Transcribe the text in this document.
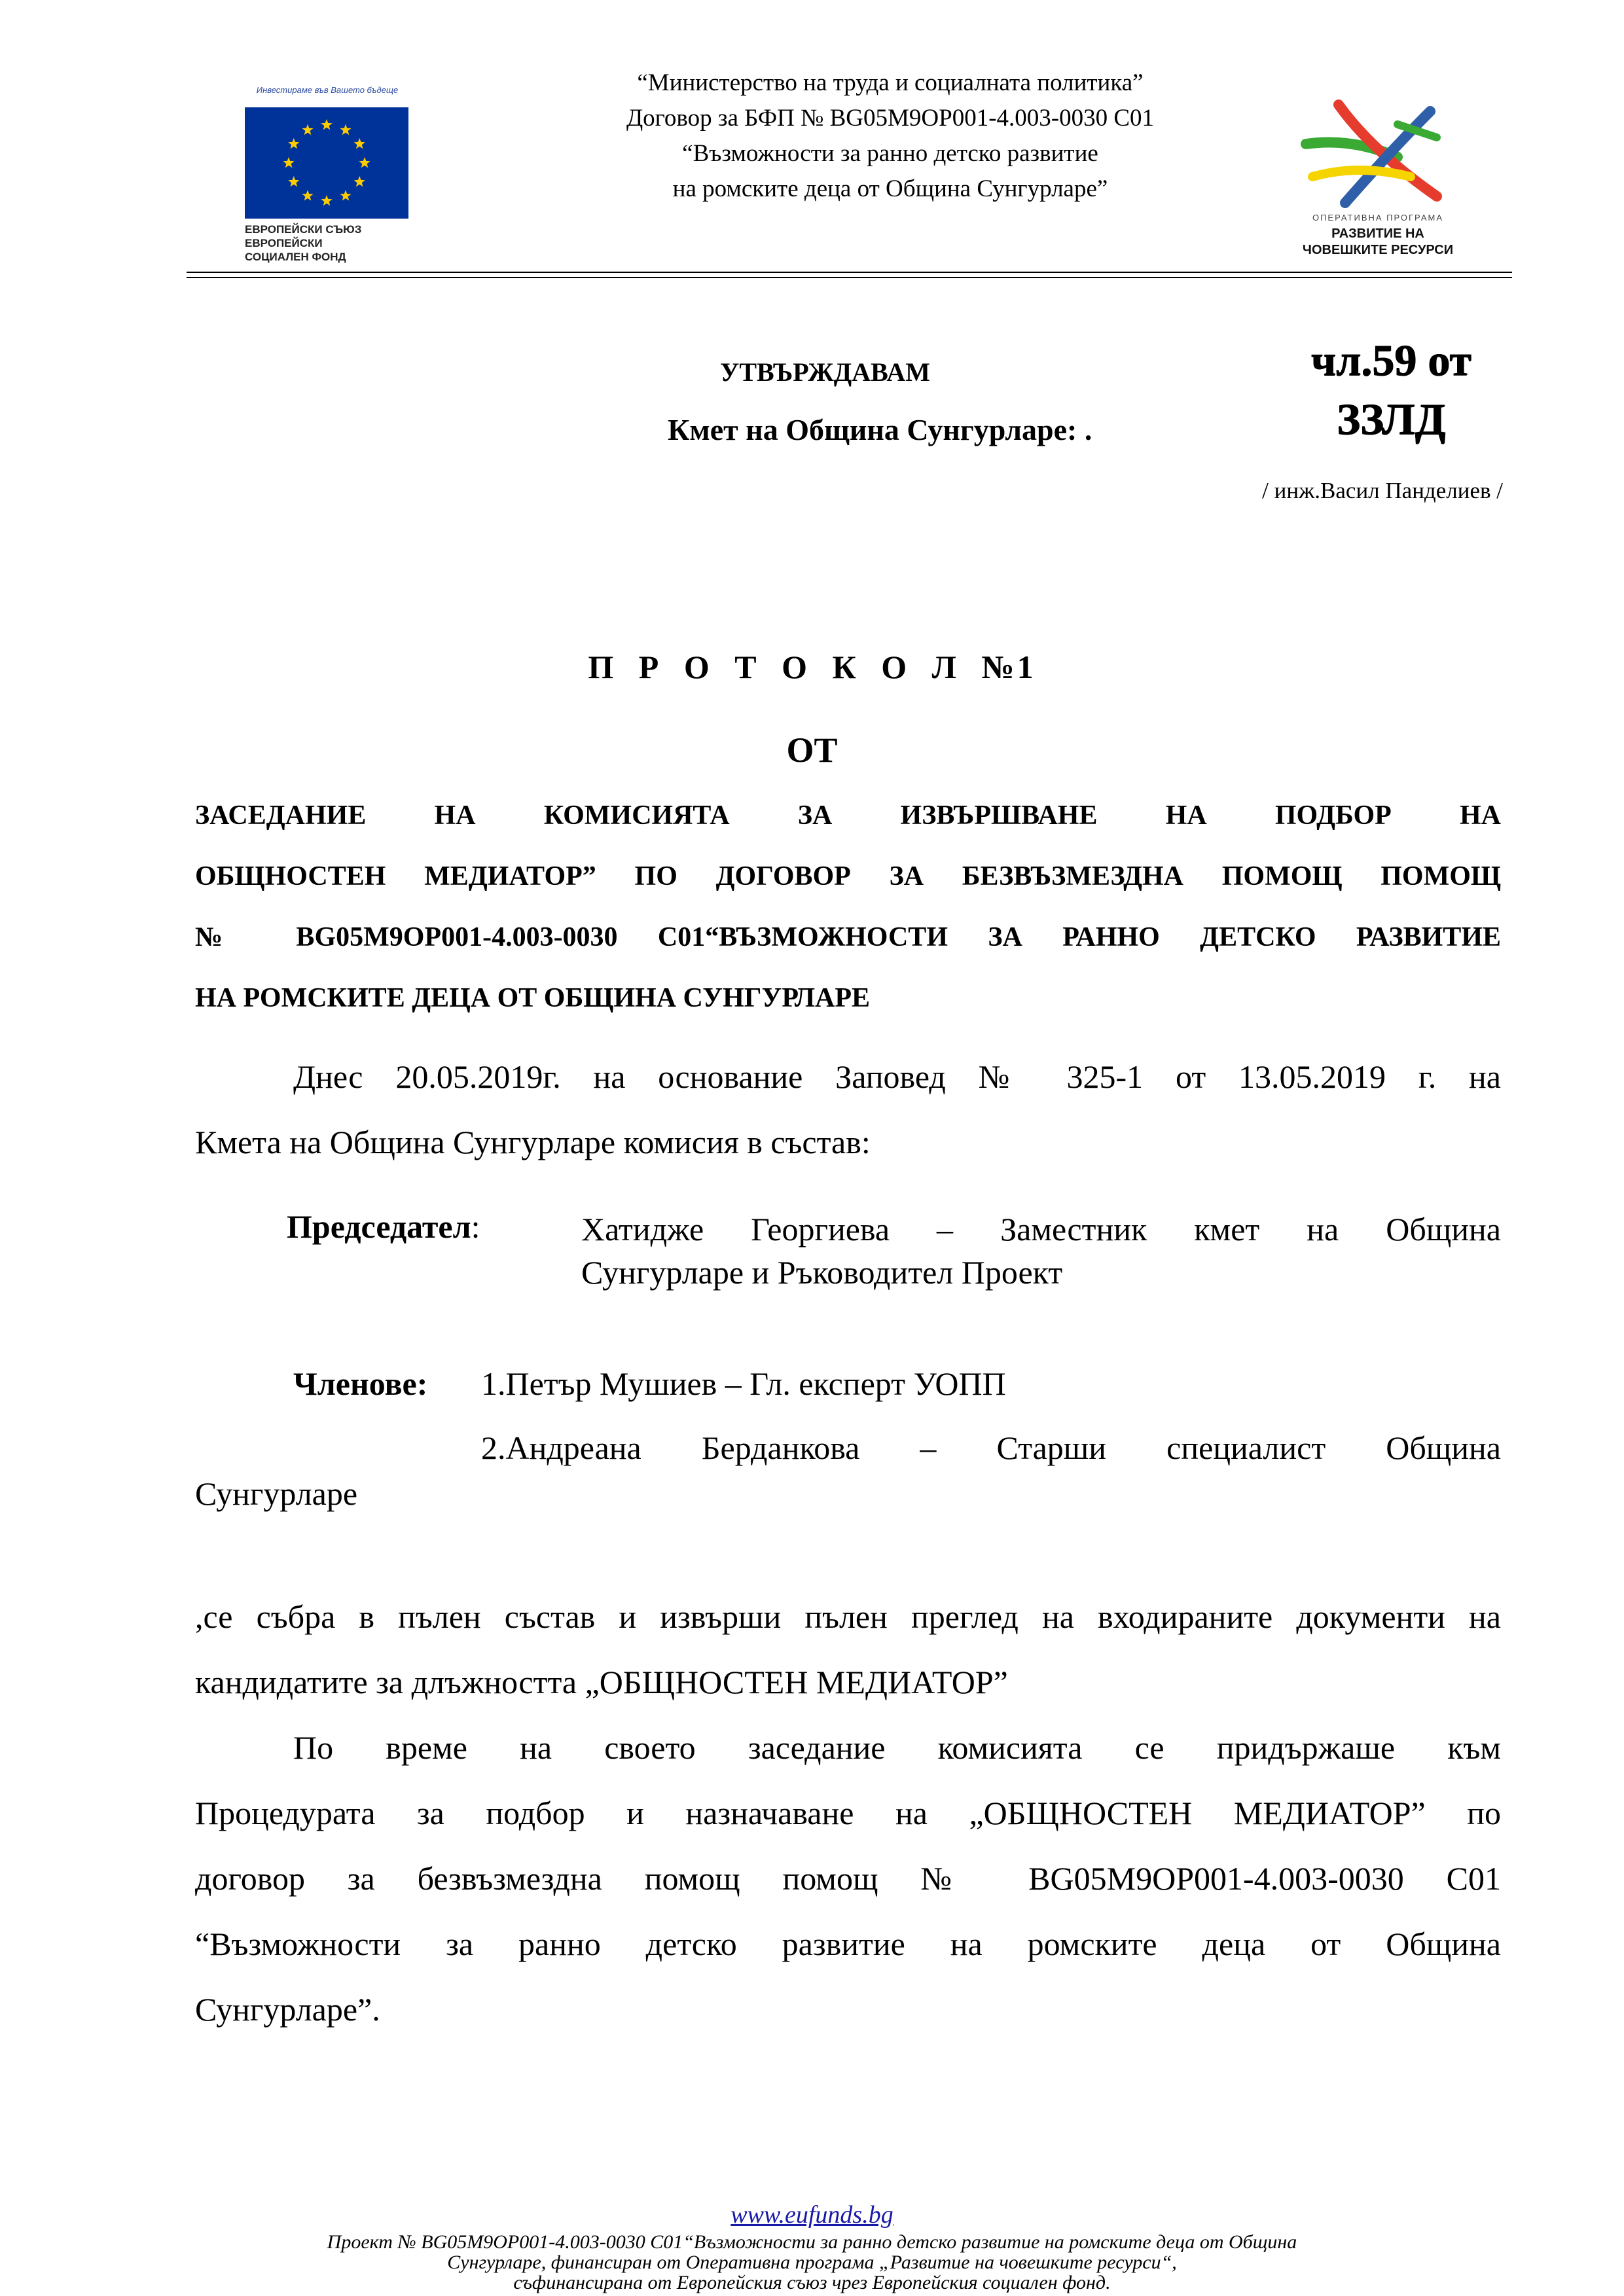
Инвестираме във Вашето бъдеще
ЕВРОПЕЙСКИ СЪЮЗ
ЕВРОПЕЙСКИ
СОЦИАЛЕН ФОНД
“Министерство на труда и социалната политика”
Договор за БФП № BG05M9OP001-4.003-0030 C01
“Възможности за ранно детско развитие
на ромските деца от Община Сунгурларе”
ОПЕРАТИВНА ПРОГРАМА
РАЗВИТИЕ НА
ЧОВЕШКИТЕ РЕСУРСИ
УТВЪРЖДАВАМ
Кмет на Община Сунгурларе: .
чл.59 от
ЗЗЛД
/ инж.Васил Панделиев /
П Р О Т О К О Л №1
ОТ
ЗАСЕДАНИЕ НА КОМИСИЯТА ЗА ИЗВЪРШВАНЕ НА ПОДБОР НА
ОБЩНОСТЕН МЕДИАТОР” ПО ДОГОВОР ЗА БЕЗВЪЗМЕЗДНА ПОМОЩ ПОМОЩ
№ BG05M9OP001-4.003-0030 C01“ВЪЗМОЖНОСТИ ЗА РАННО ДЕТСКО РАЗВИТИЕ
НА РОМСКИТЕ ДЕЦА ОТ ОБЩИНА СУНГУРЛАРЕ
Днес 20.05.2019г. на основание Заповед № 325-1 от 13.05.2019 г. на
Кмета на Община Сунгурларе комисия в състав:
Председател:	Хатидже Георгиева – Заместник кмет на Община
Сунгурларе и Ръководител Проект
Членове: 1.Петър Мушиев – Гл. експерт УОПП
2.Андреана Берданкова – Старши специалист Община
Сунгурларе
,се събра в пълен състав и извърши пълен преглед на входираните документи на
кандидатите за длъжността „ОБЩНОСТЕН МЕДИАТОР”
По време на своето заседание комисията се придържаше към
Процедурата за подбор и назначаване на „ОБЩНОСТЕН МЕДИАТОР” по
договор за безвъзмездна помощ помощ № BG05M9OP001-4.003-0030 C01
“Възможности за ранно детско развитие на ромските деца от Община
Сунгурларе”.
www.eufunds.bg
Проект № BG05M9OP001-4.003-0030 C01“Възможности за ранно детско развитие на ромските деца от Община
Сунгурларе, финансиран от Оперативна програма „Развитие на човешките ресурси“,
съфинансирана от Европейския съюз чрез Европейския социален фонд.
